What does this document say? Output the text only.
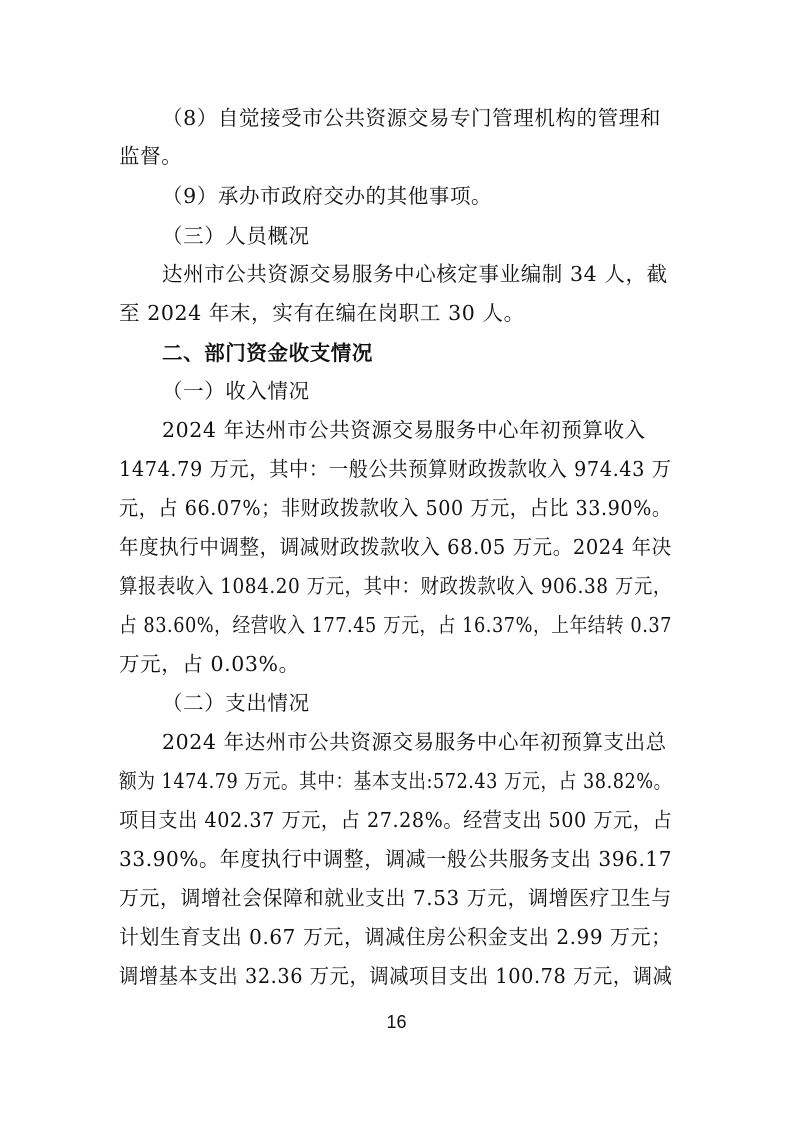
（8）自觉接受市公共资源交易专门管理机构的管理和
监督。
（9）承办市政府交办的其他事项。
（三）人员概况
达州市公共资源交易服务中心核定事业编制 34 人，截
至 2024 年末，实有在编在岗职工 30 人。
二、部门资金收支情况
（一）收入情况
2024 年达州市公共资源交易服务中心年初预算收入
1474.79 万元，其中：一般公共预算财政拨款收入 974.43 万
元，占 66.07%；非财政拨款收入 500 万元，占比 33.90%。
年度执行中调整，调减财政拨款收入 68.05 万元。2024 年决
算报表收入 1084.20 万元，其中：财政拨款收入 906.38 万元，
占 83.60%，经营收入 177.45 万元，占 16.37%，上年结转 0.37
万元，占 0.03%。
（二）支出情况
2024 年达州市公共资源交易服务中心年初预算支出总
额为 1474.79 万元。其中：基本支出:572.43 万元，占 38.82%。
项目支出 402.37 万元，占 27.28%。经营支出 500 万元，占
33.90%。年度执行中调整，调减一般公共服务支出 396.17
万元，调增社会保障和就业支出 7.53 万元，调增医疗卫生与
计划生育支出 0.67 万元，调减住房公积金支出 2.99 万元；
调增基本支出 32.36 万元，调减项目支出 100.78 万元，调减
16
